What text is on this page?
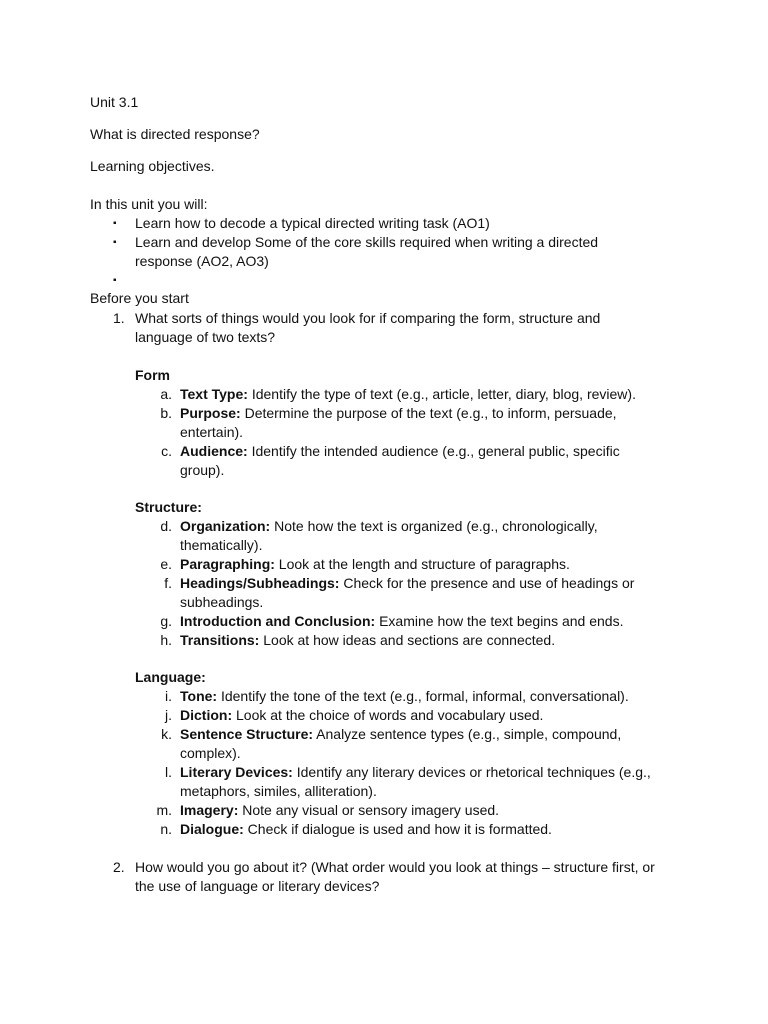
Unit 3.1
What is directed response?
Learning objectives.
In this unit you will:
▪ Learn how to decode a typical directed writing task (AO1)
▪ Learn and develop Some of the core skills required when writing a directed
response (AO2, AO3)
▪
Before you start
1. What sorts of things would you look for if comparing the form, structure and
language of two texts?
Form
a. Text Type: Identify the type of text (e.g., article, letter, diary, blog, review).
b. Purpose: Determine the purpose of the text (e.g., to inform, persuade,
entertain).
c. Audience: Identify the intended audience (e.g., general public, specific
group).
Structure:
d. Organization: Note how the text is organized (e.g., chronologically,
thematically).
e. Paragraphing: Look at the length and structure of paragraphs.
f. Headings/Subheadings: Check for the presence and use of headings or
subheadings.
g. Introduction and Conclusion: Examine how the text begins and ends.
h. Transitions: Look at how ideas and sections are connected.
Language:
i. Tone: Identify the tone of the text (e.g., formal, informal, conversational).
j. Diction: Look at the choice of words and vocabulary used.
k. Sentence Structure: Analyze sentence types (e.g., simple, compound,
complex).
l. Literary Devices: Identify any literary devices or rhetorical techniques (e.g.,
metaphors, similes, alliteration).
m. Imagery: Note any visual or sensory imagery used.
n. Dialogue: Check if dialogue is used and how it is formatted.
2. How would you go about it? (What order would you look at things – structure first, or
the use of language or literary devices?
